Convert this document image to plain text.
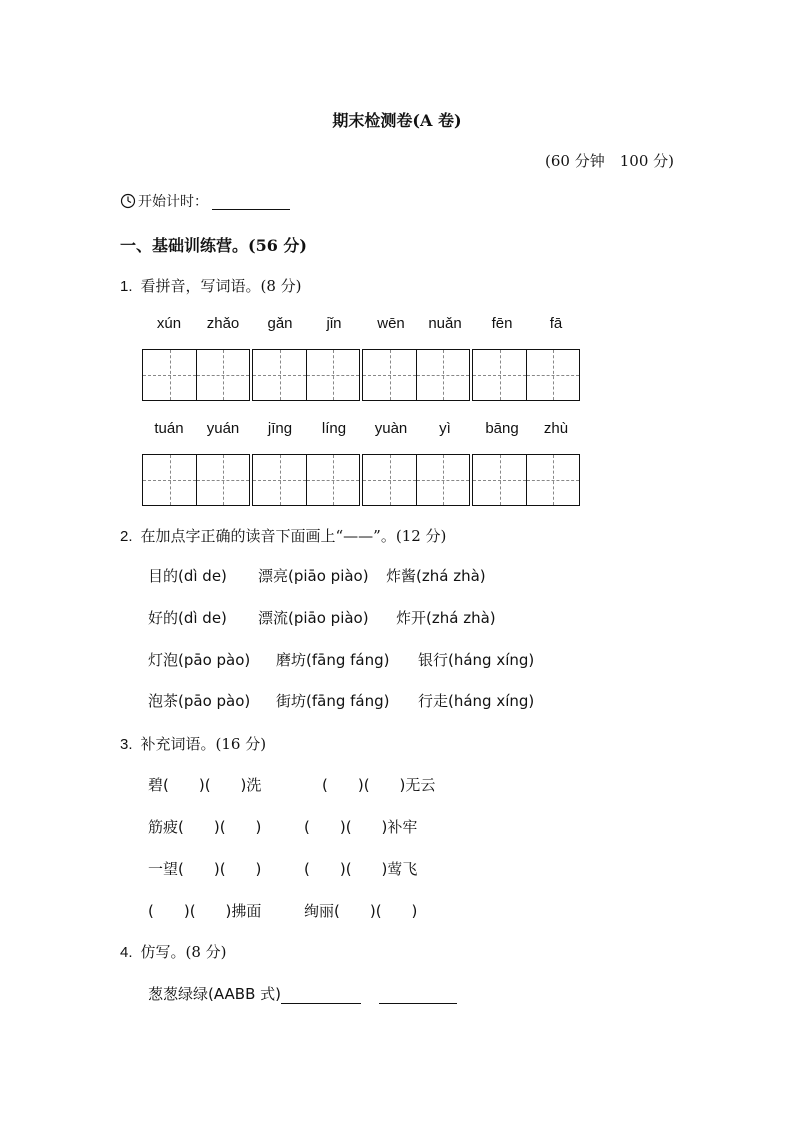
期末检测卷(A 卷)
(60 分钟　100 分)
开始计时：
一、基础训练营。(56 分)
1. 看拼音，写词语。(8 分)
xún	zhǎo	gǎn	jǐn	wēn	nuǎn	fēn	fā
tuán	yuán	jīng	líng	yuàn	yì	bāng	zhù
2. 在加点字正确的读音下面画上“——”。(12 分)
目的(dì de) 漂亮(piāo piào) 炸酱(zhá zhà)
好的(dì de) 漂流(piāo piào) 炸开(zhá zhà)
灯泡(pāo pào) 磨坊(fāng fáng) 银行(háng xíng)
泡茶(pāo pào) 街坊(fāng fáng) 行走(háng xíng)
3. 补充词语。(16 分)
碧(　　)(　　)洗	(　　)(　　)无云
筋疲(　　)(　　)	(　　)(　　)补牢
一望(　　)(　　)	(　　)(　　)莺飞
(　　)(　　)拂面	绚丽(　　)(　　)
4. 仿写。(8 分)
葱葱绿绿(AABB 式)
